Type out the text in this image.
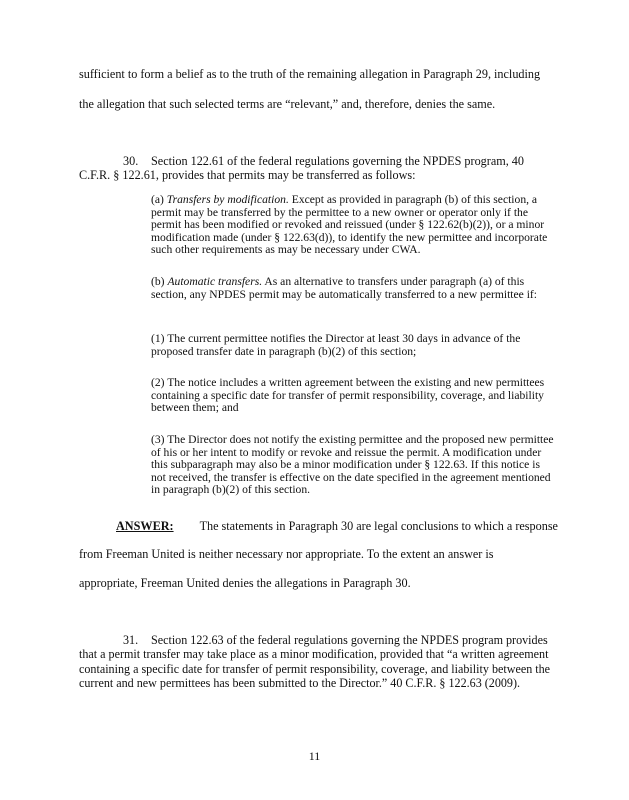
sufficient to form a belief as to the truth of the remaining allegation in Paragraph 29, including
the allegation that such selected terms are “relevant,” and, therefore, denies the same.
30. Section 122.61 of the federal regulations governing the NPDES program, 40
C.F.R. § 122.61, provides that permits may be transferred as follows:
(a) Transfers by modification. Except as provided in paragraph (b) of this section, a permit may be transferred by the permittee to a new owner or operator only if the permit has been modified or revoked and reissued (under § 122.62(b)(2)), or a minor modification made (under § 122.63(d)), to identify the new permittee and incorporate such other requirements as may be necessary under CWA.
(b) Automatic transfers. As an alternative to transfers under paragraph (a) of this section, any NPDES permit may be automatically transferred to a new permittee if:
(1) The current permittee notifies the Director at least 30 days in advance of the proposed transfer date in paragraph (b)(2) of this section;
(2) The notice includes a written agreement between the existing and new permittees containing a specific date for transfer of permit responsibility, coverage, and liability between them; and
(3) The Director does not notify the existing permittee and the proposed new permittee of his or her intent to modify or revoke and reissue the permit. A modification under this subparagraph may also be a minor modification under § 122.63. If this notice is not received, the transfer is effective on the date specified in the agreement mentioned in paragraph (b)(2) of this section.
ANSWER: The statements in Paragraph 30 are legal conclusions to which a response
from Freeman United is neither necessary nor appropriate. To the extent an answer is
appropriate, Freeman United denies the allegations in Paragraph 30.
31. Section 122.63 of the federal regulations governing the NPDES program provides that a permit transfer may take place as a minor modification, provided that “a written agreement containing a specific date for transfer of permit responsibility, coverage, and liability between the current and new permittees has been submitted to the Director.” 40 C.F.R. § 122.63 (2009).
11
